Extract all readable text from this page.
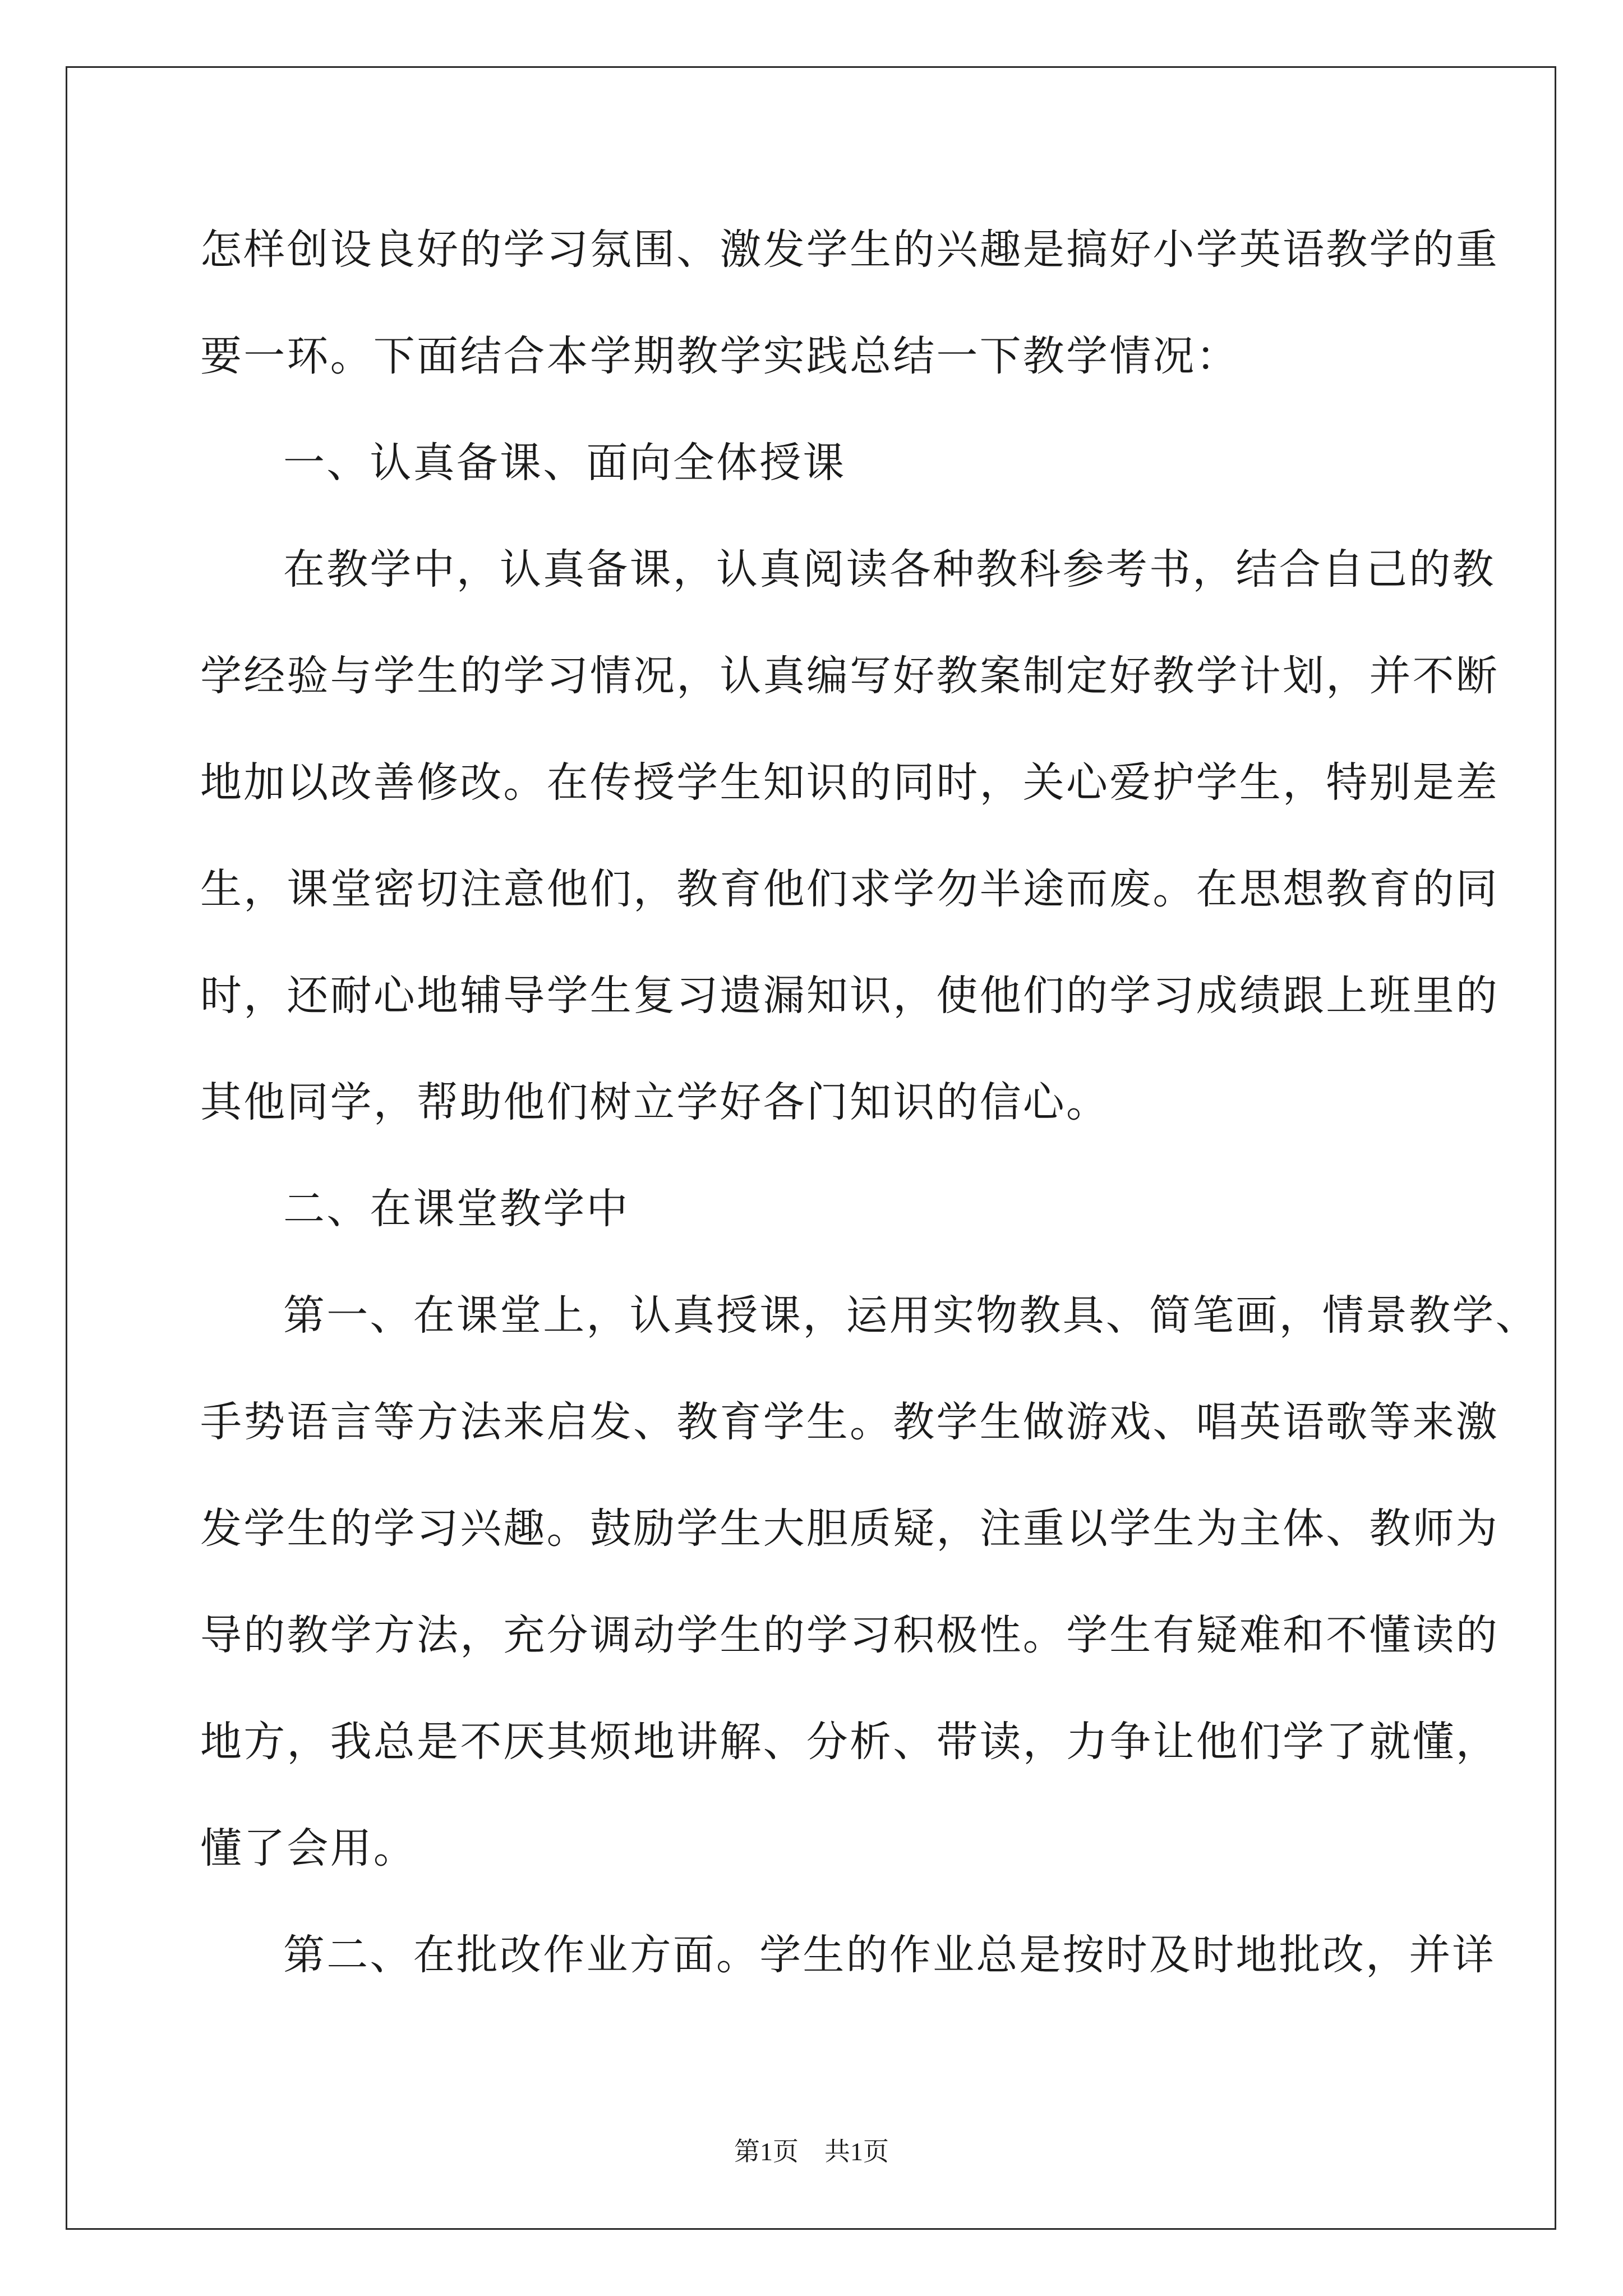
怎样创设良好的学习氛围、激发学生的兴趣是搞好小学英语教学的重
要一环。下面结合本学期教学实践总结一下教学情况：
一、认真备课、面向全体授课
在教学中，认真备课，认真阅读各种教科参考书，结合自己的教
学经验与学生的学习情况，认真编写好教案制定好教学计划，并不断
地加以改善修改。在传授学生知识的同时，关心爱护学生，特别是差
生，课堂密切注意他们，教育他们求学勿半途而废。在思想教育的同
时，还耐心地辅导学生复习遗漏知识，使他们的学习成绩跟上班里的
其他同学，帮助他们树立学好各门知识的信心。
二、在课堂教学中
第一、在课堂上，认真授课，运用实物教具、简笔画，情景教学、
手势语言等方法来启发、教育学生。教学生做游戏、唱英语歌等来激
发学生的学习兴趣。鼓励学生大胆质疑，注重以学生为主体、教师为
导的教学方法，充分调动学生的学习积极性。学生有疑难和不懂读的
地方，我总是不厌其烦地讲解、分析、带读，力争让他们学了就懂，
懂了会用。
第二、在批改作业方面。学生的作业总是按时及时地批改，并详
第1页　共1页
